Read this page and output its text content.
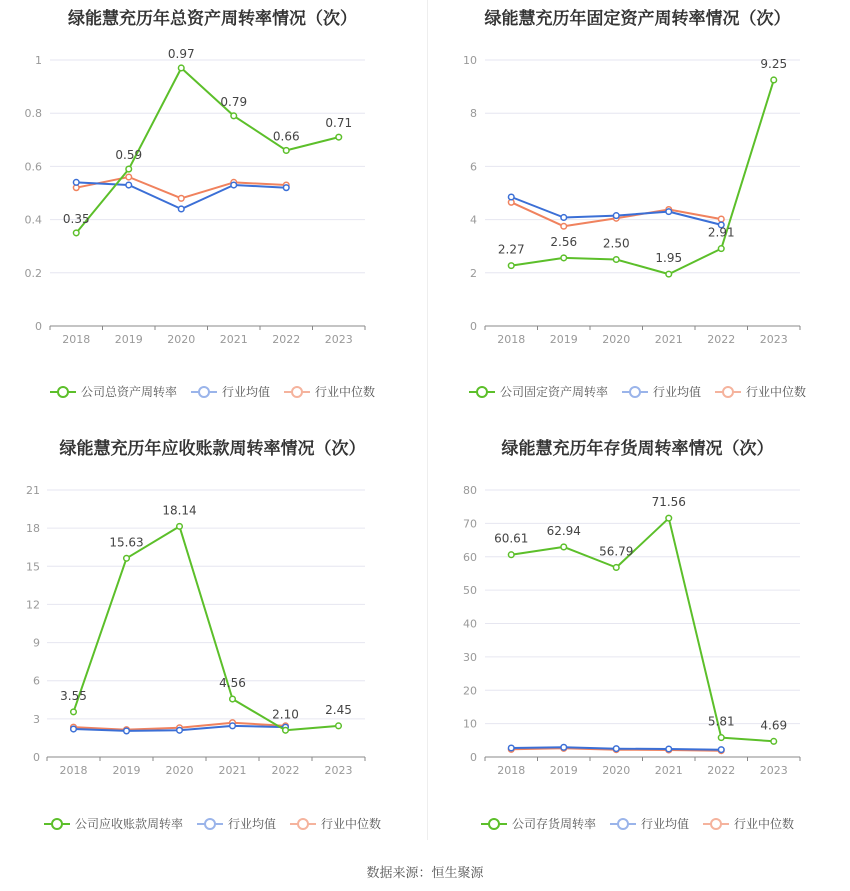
绿能慧充历年总资产周转率情况（次）
0
0.2
0.4
0.6
0.8
1
2018 2019 2020 2021 2022 2023
0.35
0.59
0.97
0.79
0.66
0.71
公司总资产周转率	行业均值	行业中位数
绿能慧充历年固定资产周转率情况（次）
0
2
4
6
8
10
2018 2019 2020 2021 2022 2023
2.27
2.56 2.50
1.95
2.91
9.25
公司固定资产周转率	行业均值	行业中位数
绿能慧充历年应收账款周转率情况（次）
0
3
6
9
12
15
18
21
2018 2019 2020 2021 2022 2023
3.55
15.63
18.14
4.56
2.10 2.45
公司应收账款周转率	行业均值	行业中位数
绿能慧充历年存货周转率情况（次）
0
10
20
30
40
50
60
70
80
2018 2019 2020 2021 2022 2023
60.61
62.94
56.79
71.56
5.81 4.69
公司存货周转率	行业均值	行业中位数
数据来源：恒生聚源
